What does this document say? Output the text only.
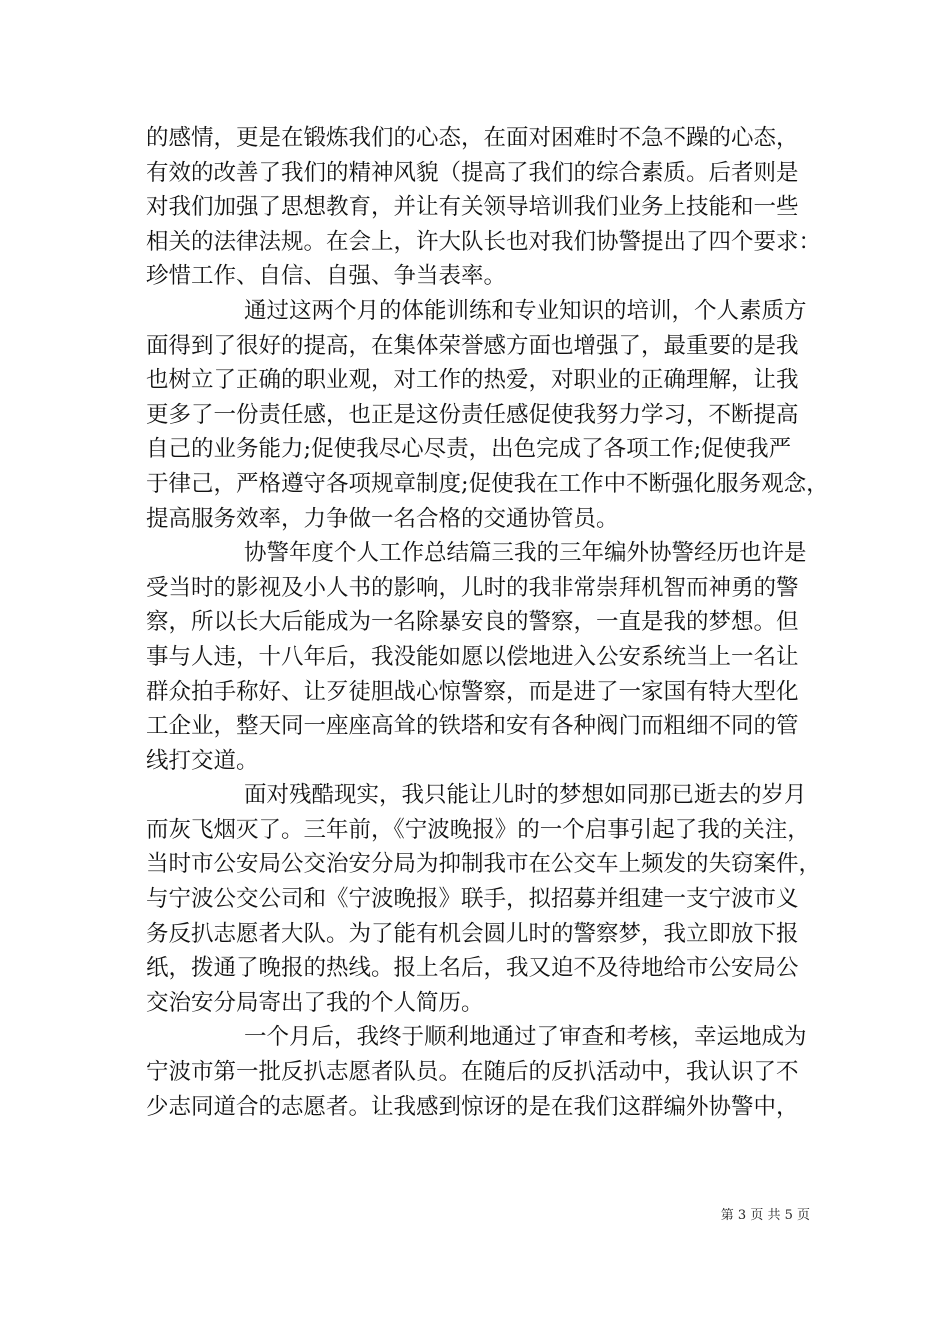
的感情，更是在锻炼我们的心态，在面对困难时不急不躁的心态，
有效的改善了我们的精神风貌（提高了我们的综合素质。后者则是
对我们加强了思想教育，并让有关领导培训我们业务上技能和一些
相关的法律法规。在会上，许大队长也对我们协警提出了四个要求：
珍惜工作、自信、自强、争当表率。
通过这两个月的体能训练和专业知识的培训，个人素质方
面得到了很好的提高，在集体荣誉感方面也增强了，最重要的是我
也树立了正确的职业观，对工作的热爱，对职业的正确理解，让我
更多了一份责任感，也正是这份责任感促使我努力学习，不断提高
自己的业务能力;促使我尽心尽责，出色完成了各项工作;促使我严
于律己，严格遵守各项规章制度;促使我在工作中不断强化服务观念，
提高服务效率，力争做一名合格的交通协管员。
协警年度个人工作总结篇三我的三年编外协警经历也许是
受当时的影视及小人书的影响，儿时的我非常崇拜机智而神勇的警
察，所以长大后能成为一名除暴安良的警察，一直是我的梦想。但
事与人违，十八年后，我没能如愿以偿地进入公安系统当上一名让
群众拍手称好、让歹徒胆战心惊警察，而是进了一家国有特大型化
工企业，整天同一座座高耸的铁塔和安有各种阀门而粗细不同的管
线打交道。
面对残酷现实，我只能让儿时的梦想如同那已逝去的岁月
而灰飞烟灭了。三年前，《宁波晚报》的一个启事引起了我的关注，
当时市公安局公交治安分局为抑制我市在公交车上频发的失窃案件，
与宁波公交公司和《宁波晚报》联手，拟招募并组建一支宁波市义
务反扒志愿者大队。为了能有机会圆儿时的警察梦，我立即放下报
纸，拨通了晚报的热线。报上名后，我又迫不及待地给市公安局公
交治安分局寄出了我的个人简历。
一个月后，我终于顺利地通过了审查和考核，幸运地成为
宁波市第一批反扒志愿者队员。在随后的反扒活动中，我认识了不
少志同道合的志愿者。让我感到惊讶的是在我们这群编外协警中，
第 3 页 共 5 页
